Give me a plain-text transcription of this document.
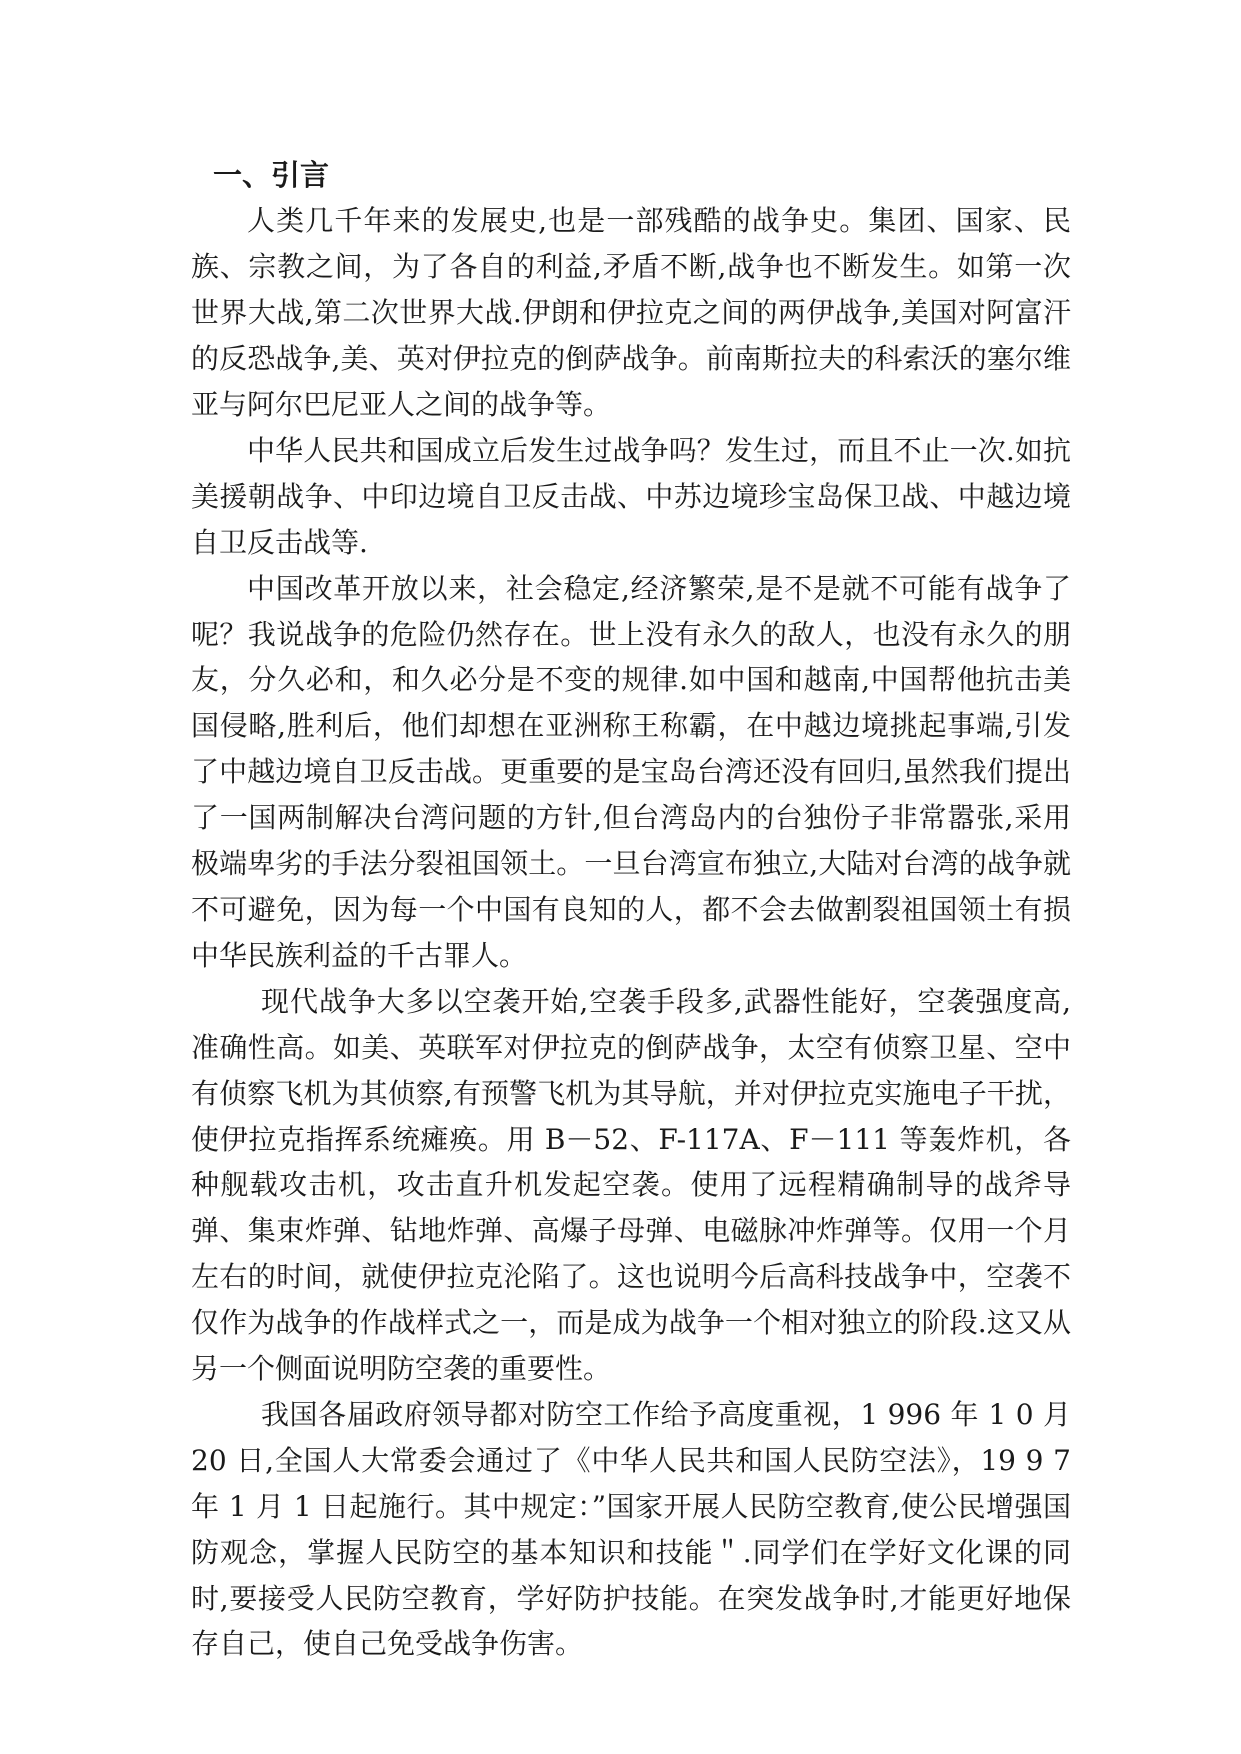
一、引言

人类几千年来的发展史,也是一部残酷的战争史。集团、国家、民族、宗教之间，为了各自的利益,矛盾不断,战争也不断发生。如第一次世界大战,第二次世界大战.伊朗和伊拉克之间的两伊战争,美国对阿富汗的反恐战争,美、英对伊拉克的倒萨战争。前南斯拉夫的科索沃的塞尔维亚与阿尔巴尼亚人之间的战争等。

中华人民共和国成立后发生过战争吗？发生过，而且不止一次.如抗美援朝战争、中印边境自卫反击战、中苏边境珍宝岛保卫战、中越边境自卫反击战等.

中国改革开放以来，社会稳定,经济繁荣,是不是就不可能有战争了呢？我说战争的危险仍然存在。世上没有永久的敌人，也没有永久的朋友，分久必和，和久必分是不变的规律.如中国和越南,中国帮他抗击美国侵略,胜利后，他们却想在亚洲称王称霸，在中越边境挑起事端,引发了中越边境自卫反击战。更重要的是宝岛台湾还没有回归,虽然我们提出了一国两制解决台湾问题的方针,但台湾岛内的台独份子非常嚣张,采用极端卑劣的手法分裂祖国领土。一旦台湾宣布独立,大陆对台湾的战争就不可避免，因为每一个中国有良知的人，都不会去做割裂祖国领土有损中华民族利益的千古罪人。

现代战争大多以空袭开始,空袭手段多,武器性能好，空袭强度高,准确性高。如美、英联军对伊拉克的倒萨战争，太空有侦察卫星、空中有侦察飞机为其侦察,有预警飞机为其导航，并对伊拉克实施电子干扰，使伊拉克指挥系统瘫痪。用 B－52、F-117A、F－111 等轰炸机，各种舰载攻击机，攻击直升机发起空袭。使用了远程精确制导的战斧导弹、集束炸弹、钻地炸弹、高爆子母弹、电磁脉冲炸弹等。仅用一个月左右的时间，就使伊拉克沦陷了。这也说明今后高科技战争中，空袭不仅作为战争的作战样式之一，而是成为战争一个相对独立的阶段.这又从另一个侧面说明防空袭的重要性。

我国各届政府领导都对防空工作给予高度重视，1 996 年 1 0 月20 日,全国人大常委会通过了《中华人民共和国人民防空法》，19 9 7 年 1 月 1 日起施行。其中规定：”国家开展人民防空教育,使公民增强国防观念，掌握人民防空的基本知识和技能＂.同学们在学好文化课的同时,要接受人民防空教育，学好防护技能。在突发战争时,才能更好地保存自己，使自己免受战争伤害。
